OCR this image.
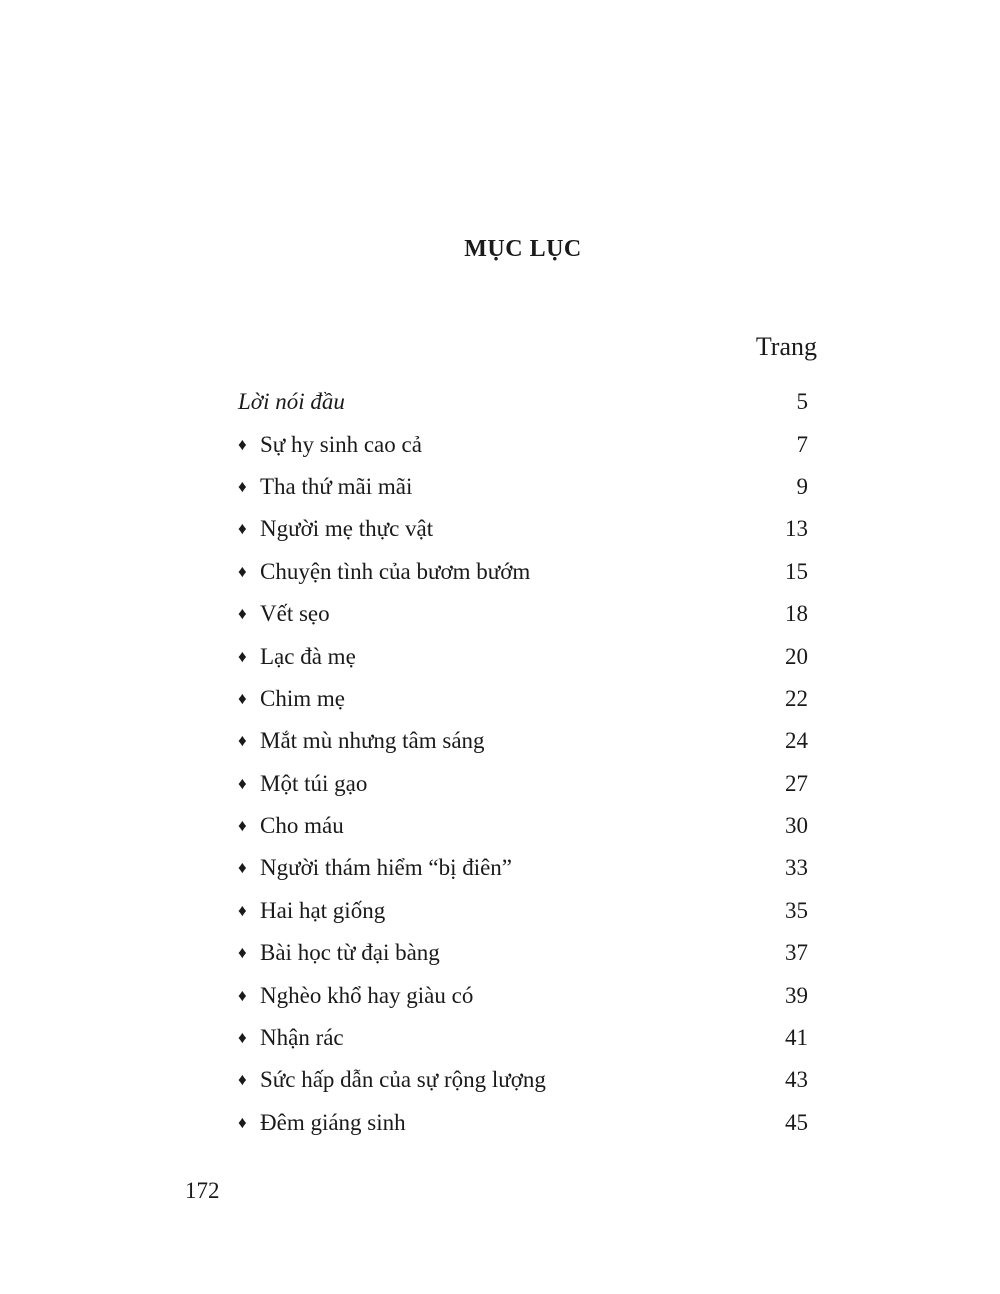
MỤC LỤC
Trang
Lời nói đầu	5
♦ Sự hy sinh cao cả	7
♦ Tha thứ mãi mãi	9
♦ Người mẹ thực vật	13
♦ Chuyện tình của bươm bướm	15
♦ Vết sẹo	18
♦ Lạc đà mẹ	20
♦ Chim mẹ	22
♦ Mắt mù nhưng tâm sáng	24
♦ Một túi gạo	27
♦ Cho máu	30
♦ Người thám hiểm “bị điên”	33
♦ Hai hạt giống	35
♦ Bài học từ đại bàng	37
♦ Nghèo khổ hay giàu có	39
♦ Nhận rác	41
♦ Sức hấp dẫn của sự rộng lượng	43
♦ Đêm giáng sinh	45
172
